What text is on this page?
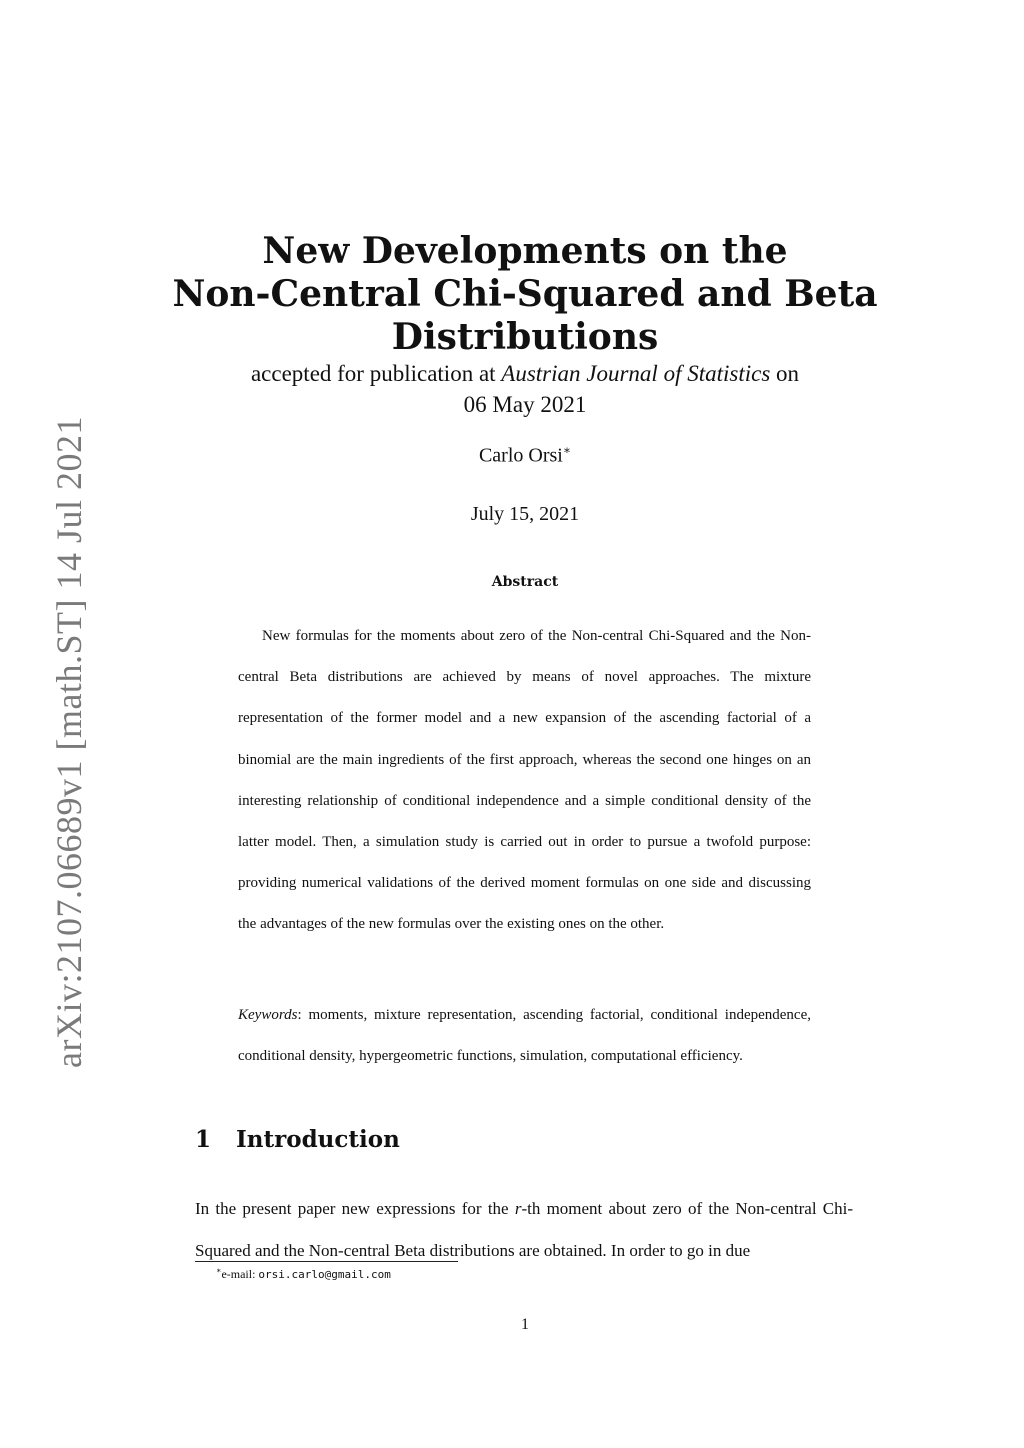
arXiv:2107.06689v1 [math.ST] 14 Jul 2021
New Developments on the
Non-Central Chi-Squared and Beta
Distributions
accepted for publication at Austrian Journal of Statistics on
06 May 2021
Carlo Orsi∗
July 15, 2021
Abstract

New formulas for the moments about zero of the Non-central Chi-Squared and the Non-central Beta distributions are achieved by means of novel approaches. The mixture representation of the former model and a new expansion of the ascending factorial of a binomial are the main ingredients of the first approach, whereas the second one hinges on an interesting relationship of conditional independence and a simple conditional density of the latter model. Then, a simulation study is carried out in order to pursue a twofold purpose: providing numerical validations of the derived moment formulas on one side and discussing the advantages of the new formulas over the existing ones on the other.

Keywords: moments, mixture representation, ascending factorial, conditional independence, conditional density, hypergeometric functions, simulation, computational efficiency.

1 Introduction

In the present paper new expressions for the r-th moment about zero of the Non-central Chi-Squared and the Non-central Beta distributions are obtained. In order to go in due

∗e-mail: orsi.carlo@gmail.com
1
